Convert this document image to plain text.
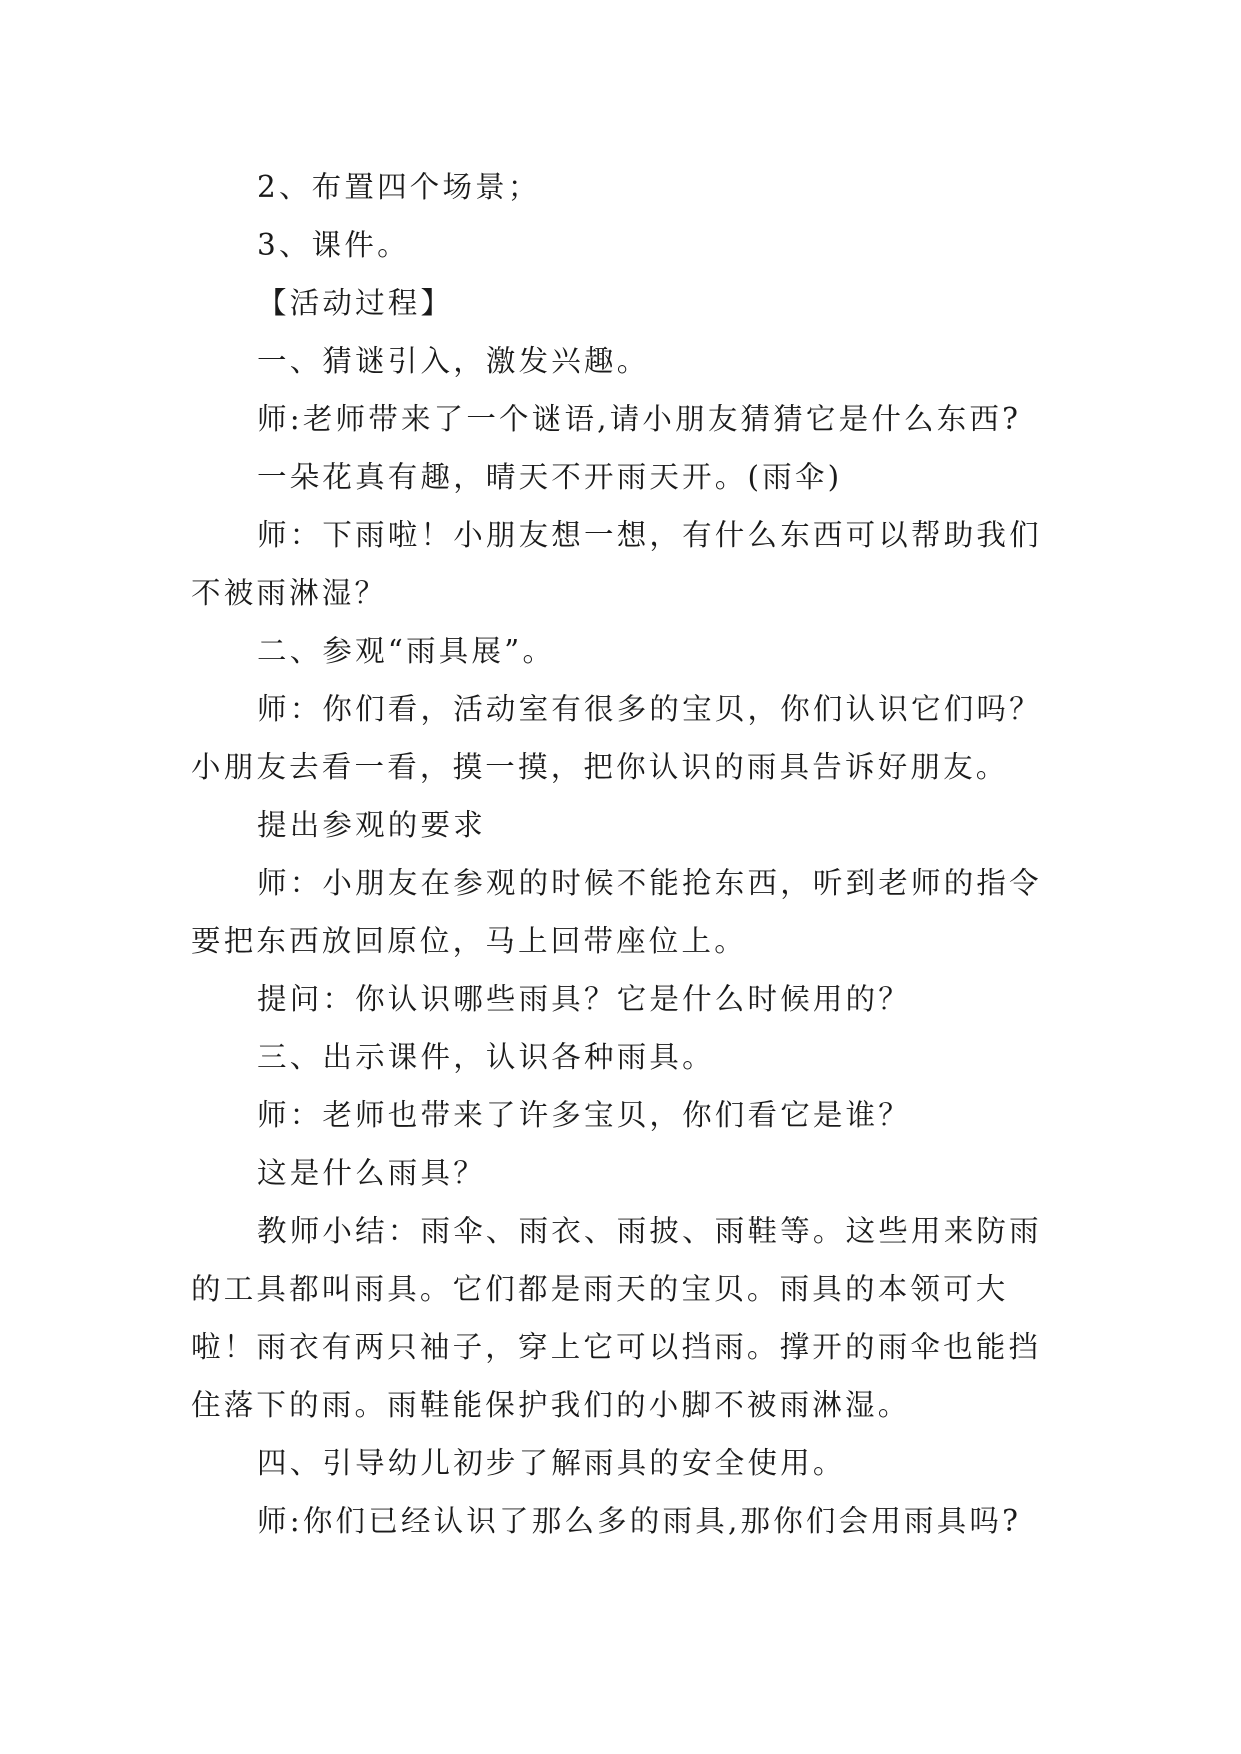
2、布置四个场景；

3、课件。

【活动过程】

一、猜谜引入，激发兴趣。

师:老师带来了一个谜语,请小朋友猜猜它是什么东西?

一朵花真有趣，晴天不开雨天开。(雨伞)

师：下雨啦！小朋友想一想，有什么东西可以帮助我们不被雨淋湿？

二、参观“雨具展”。

师：你们看，活动室有很多的宝贝，你们认识它们吗？小朋友去看一看，摸一摸，把你认识的雨具告诉好朋友。

提出参观的要求

师：小朋友在参观的时候不能抢东西，听到老师的指令要把东西放回原位，马上回带座位上。

提问：你认识哪些雨具？它是什么时候用的？

三、出示课件，认识各种雨具。

师：老师也带来了许多宝贝，你们看它是谁？

这是什么雨具？

教师小结：雨伞、雨衣、雨披、雨鞋等。这些用来防雨的工具都叫雨具。它们都是雨天的宝贝。雨具的本领可大啦！雨衣有两只袖子，穿上它可以挡雨。撑开的雨伞也能挡住落下的雨。雨鞋能保护我们的小脚不被雨淋湿。

四、引导幼儿初步了解雨具的安全使用。

师:你们已经认识了那么多的雨具,那你们会用雨具吗?
